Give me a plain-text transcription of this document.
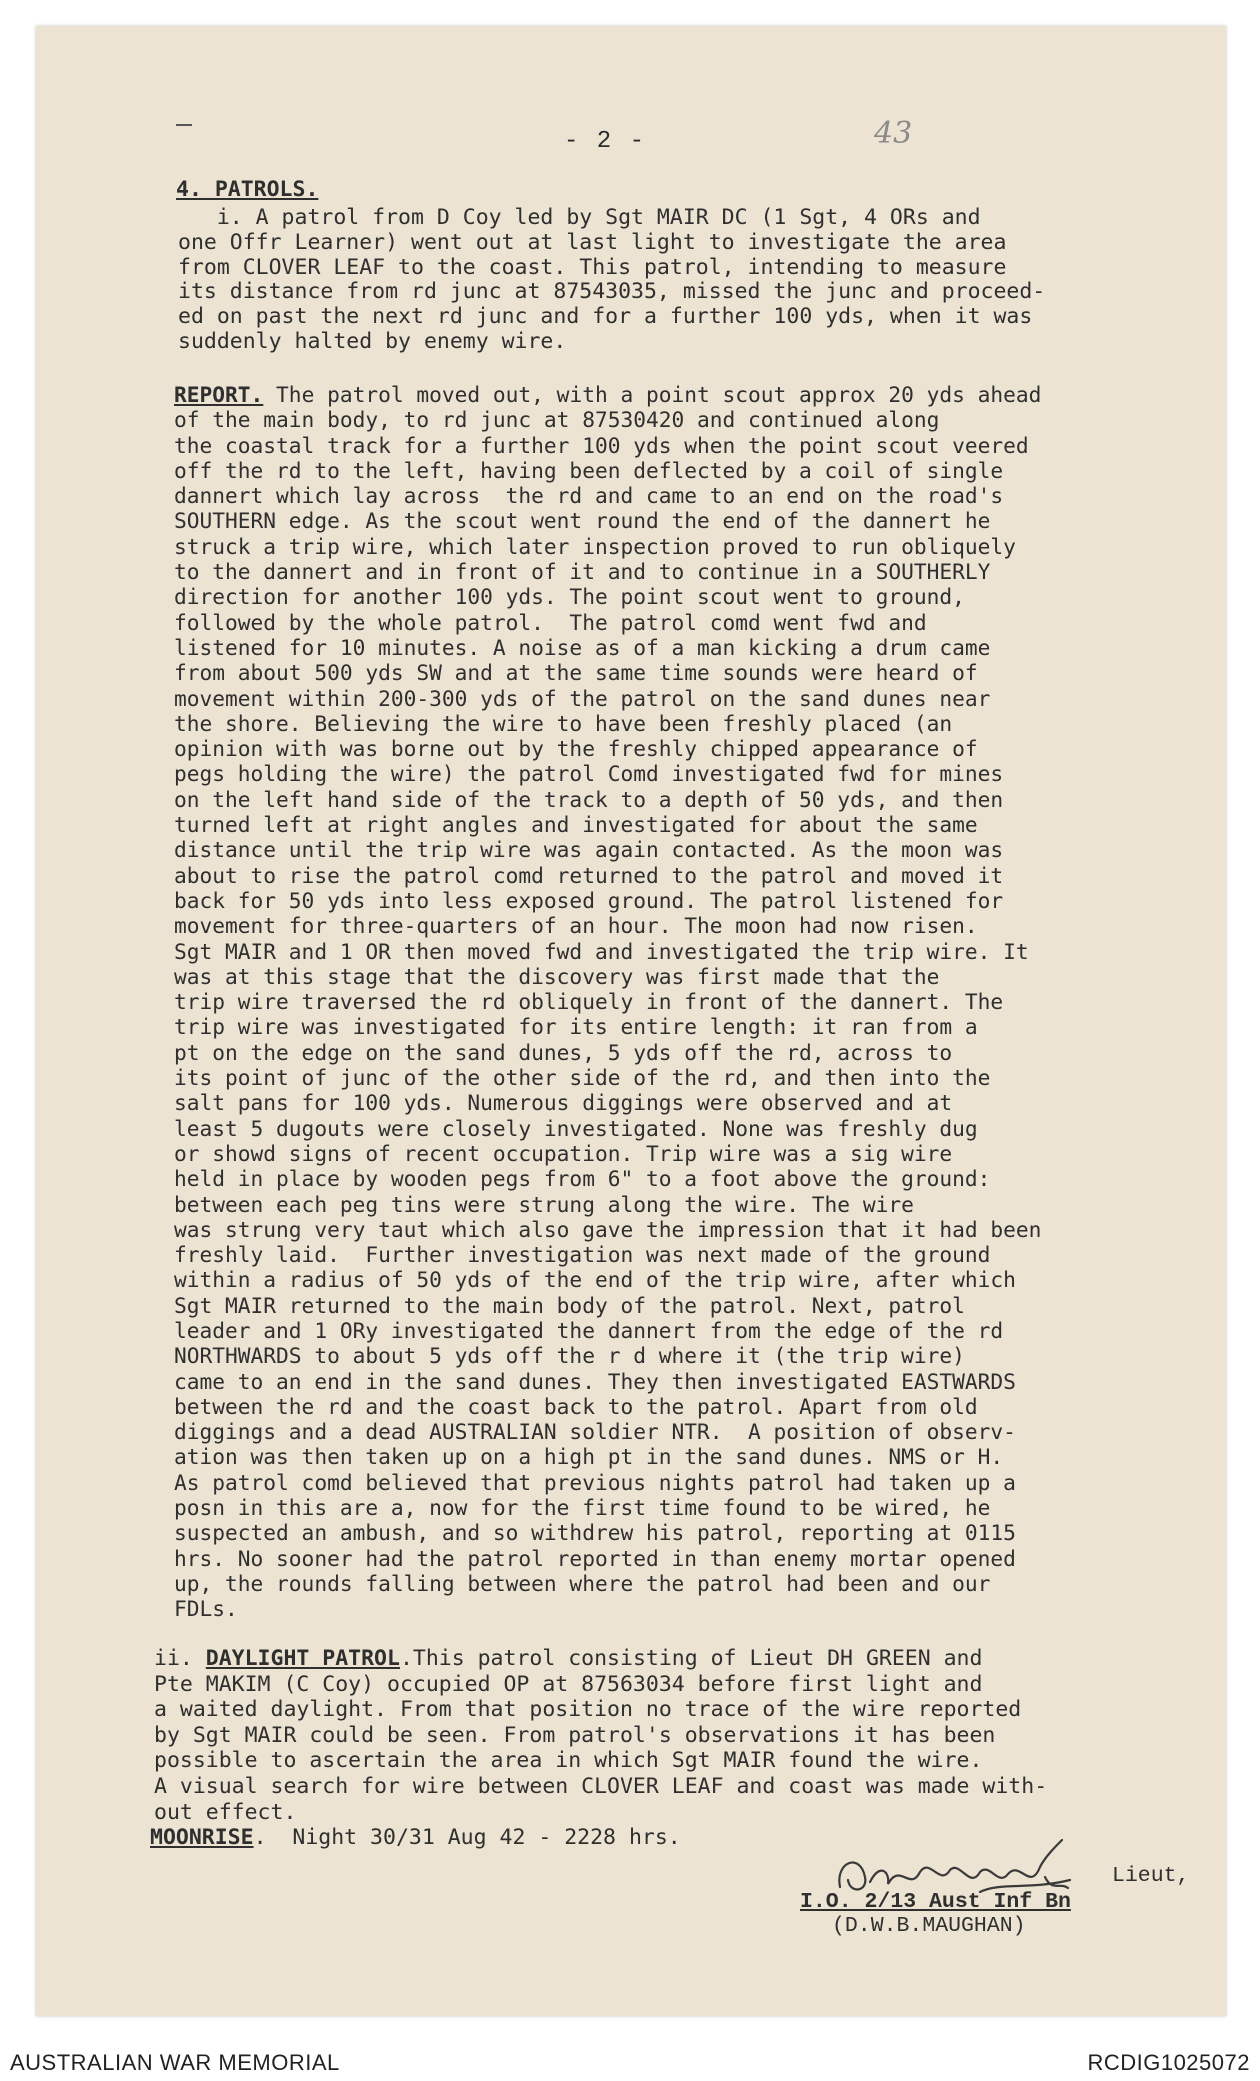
- 2 -	43
4. PATROLS.
i. A patrol from D Coy led by Sgt MAIR DC (1 Sgt, 4 ORs and
one Offr Learner) went out at last light to investigate the area
from CLOVER LEAF to the coast. This patrol, intending to measure
its distance from rd junc at 87543035, missed the junc and proceed-
ed on past the next rd junc and for a further 100 yds, when it was
suddenly halted by enemy wire.
REPORT. The patrol moved out, with a point scout approx 20 yds ahead
of the main body, to rd junc at 87530420 and continued along
the coastal track for a further 100 yds when the point scout veered
off the rd to the left, having been deflected by a coil of single
dannert which lay across  the rd and came to an end on the road's
SOUTHERN edge. As the scout went round the end of the dannert he
struck a trip wire, which later inspection proved to run obliquely
to the dannert and in front of it and to continue in a SOUTHERLY
direction for another 100 yds. The point scout went to ground,
followed by the whole patrol.  The patrol comd went fwd and
listened for 10 minutes. A noise as of a man kicking a drum came
from about 500 yds SW and at the same time sounds were heard of
movement within 200-300 yds of the patrol on the sand dunes near
the shore. Believing the wire to have been freshly placed (an
opinion with was borne out by the freshly chipped appearance of
pegs holding the wire) the patrol Comd investigated fwd for mines
on the left hand side of the track to a depth of 50 yds, and then
turned left at right angles and investigated for about the same
distance until the trip wire was again contacted. As the moon was
about to rise the patrol comd returned to the patrol and moved it
back for 50 yds into less exposed ground. The patrol listened for
movement for three-quarters of an hour. The moon had now risen.
Sgt MAIR and 1 OR then moved fwd and investigated the trip wire. It
was at this stage that the discovery was first made that the
trip wire traversed the rd obliquely in front of the dannert. The
trip wire was investigated for its entire length: it ran from a
pt on the edge on the sand dunes, 5 yds off the rd, across to
its point of junc of the other side of the rd, and then into the
salt pans for 100 yds. Numerous diggings were observed and at
least 5 dugouts were closely investigated. None was freshly dug
or showd signs of recent occupation. Trip wire was a sig wire
held in place by wooden pegs from 6" to a foot above the ground:
between each peg tins were strung along the wire. The wire
was strung very taut which also gave the impression that it had been
freshly laid.  Further investigation was next made of the ground
within a radius of 50 yds of the end of the trip wire, after which
Sgt MAIR returned to the main body of the patrol. Next, patrol
leader and 1 ORy investigated the dannert from the edge of the rd
NORTHWARDS to about 5 yds off the r d where it (the trip wire)
came to an end in the sand dunes. They then investigated EASTWARDS
between the rd and the coast back to the patrol. Apart from old
diggings and a dead AUSTRALIAN soldier NTR.  A position of observ-
ation was then taken up on a high pt in the sand dunes. NMS or H.
As patrol comd believed that previous nights patrol had taken up a
posn in this are a, now for the first time found to be wired, he
suspected an ambush, and so withdrew his patrol, reporting at 0115
hrs. No sooner had the patrol reported in than enemy mortar opened
up, the rounds falling between where the patrol had been and our
FDLs.
ii. DAYLIGHT PATROL.This patrol consisting of Lieut DH GREEN and
Pte MAKIM (C Coy) occupied OP at 87563034 before first light and
a waited daylight. From that position no trace of the wire reported
by Sgt MAIR could be seen. From patrol's observations it has been
possible to ascertain the area in which Sgt MAIR found the wire.
A visual search for wire between CLOVER LEAF and coast was made with-
out effect.
MOONRISE.  Night 30/31 Aug 42 - 2228 hrs.
Lieut,
I.O. 2/13 Aust Inf Bn
(D.W.B.MAUGHAN)
AUSTRALIAN WAR MEMORIAL	RCDIG1025072
